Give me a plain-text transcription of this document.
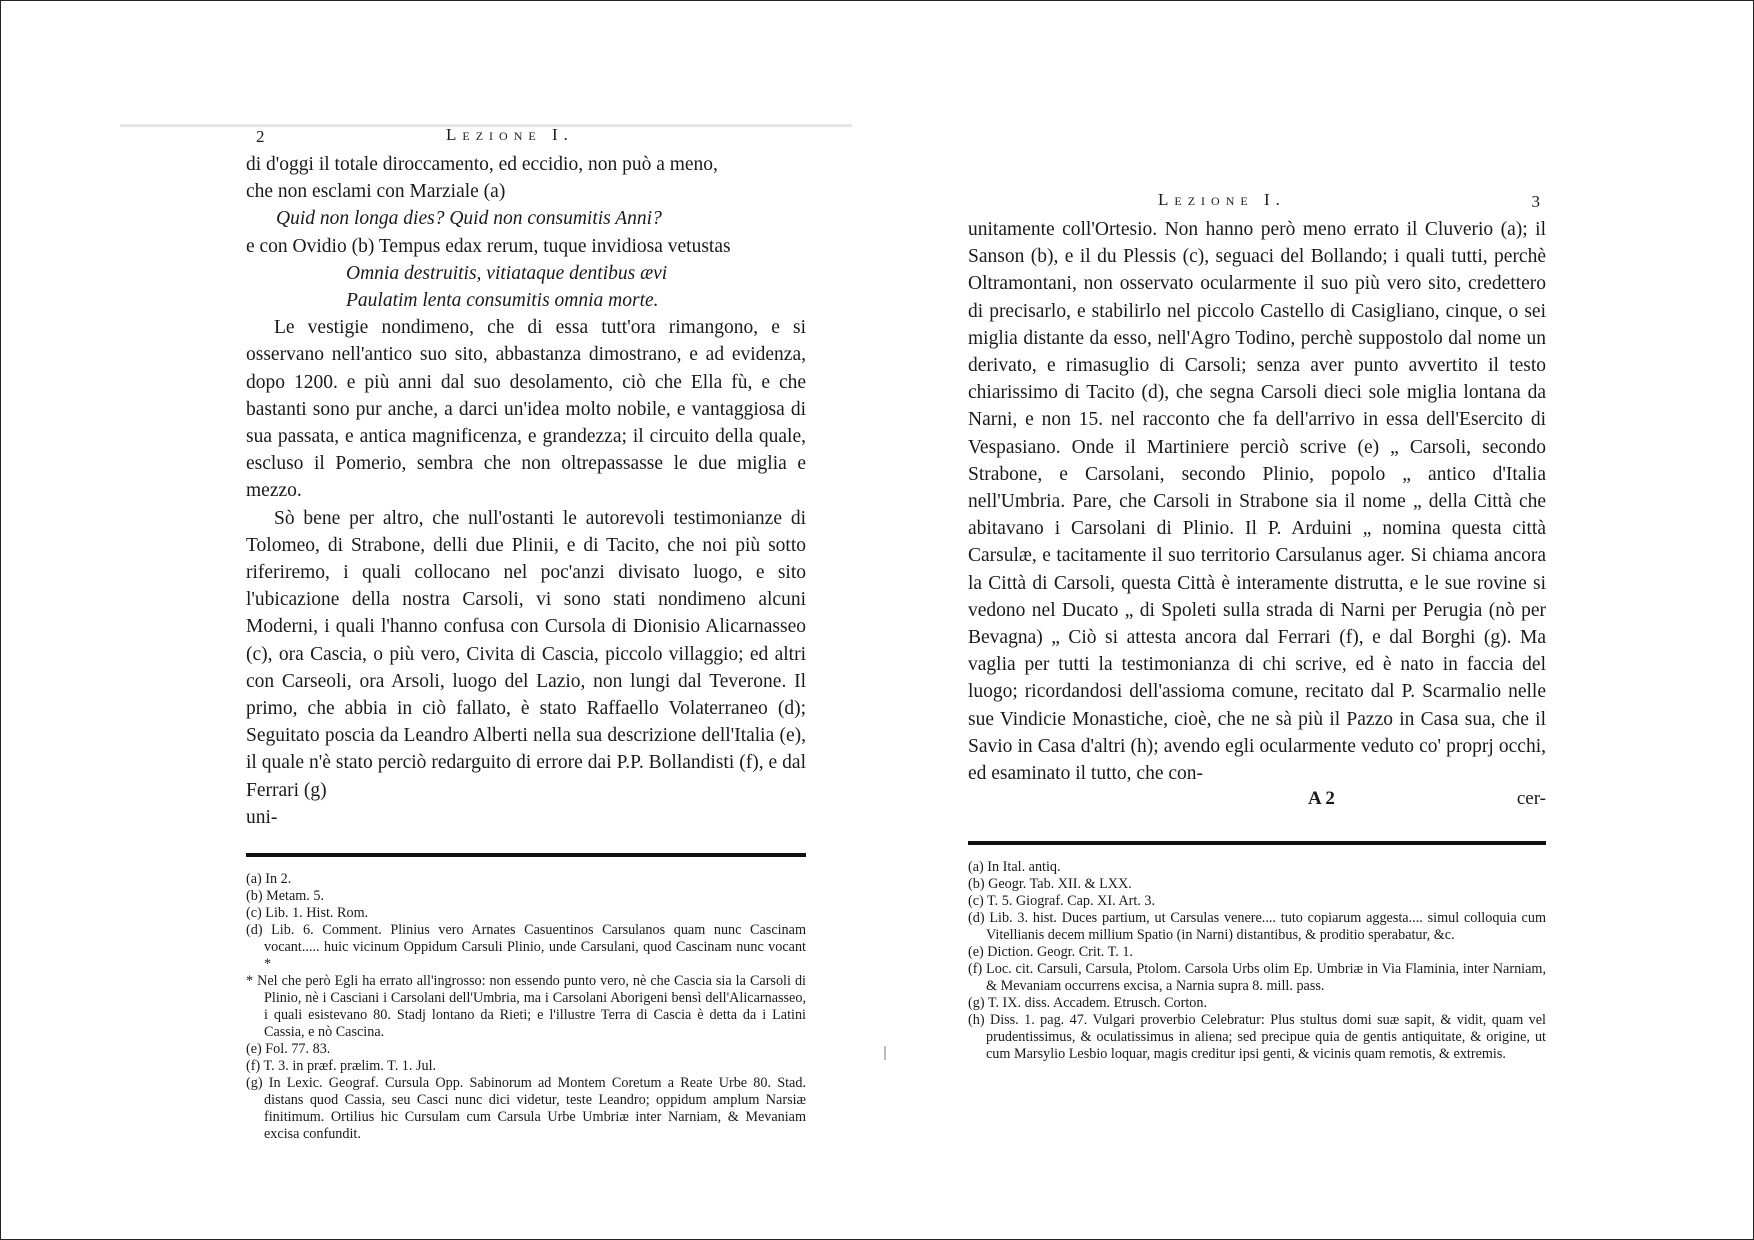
2	Lezione I.

di d'oggi il totale diroccamento, ed eccidio, non può a meno,

che non esclami con Marziale (a)

Quid non longa dies? Quid non consumitis Anni?

e con Ovidio (b) Tempus edax rerum, tuque invidiosa vetustas

Omnia destruitis, vitiataque dentibus ævi

Paulatim lenta consumitis omnia morte.

Le vestigie nondimeno, che di essa tutt'ora rimangono, e si osservano nell'antico suo sito, abbastanza dimostrano, e ad evidenza, dopo 1200. e più anni dal suo desolamento, ciò che Ella fù, e che bastanti sono pur anche, a darci un'idea molto nobile, e vantaggiosa di sua passata, e antica magnificenza, e grandezza; il circuito della quale, escluso il Pomerio, sembra che non oltrepassasse le due miglia e mezzo.

Sò bene per altro, che null'ostanti le autorevoli testimonianze di Tolomeo, di Strabone, delli due Plinii, e di Tacito, che noi più sotto riferiremo, i quali collocano nel poc'anzi divisato luogo, e sito l'ubicazione della nostra Carsoli, vi sono stati nondimeno alcuni Moderni, i quali l'hanno confusa con Cursola di Dionisio Alicarnasseo (c), ora Cascia, o più vero, Civita di Cascia, piccolo villaggio; ed altri con Carseoli, ora Arsoli, luogo del Lazio, non lungi dal Teverone. Il primo, che abbia in ciò fallato, è stato Raffaello Volaterraneo (d); Seguitato poscia da Leandro Alberti nella sua descrizione dell'Italia (e), il quale n'è stato perciò redarguito di errore dai P.P. Bollandisti (f), e dal Ferrari (g)

uni-

(a) In 2.

(b) Metam. 5.

(c) Lib. 1. Hist. Rom.

(d) Lib. 6. Comment. Plinius vero Arnates Casuentinos Carsulanos quam nunc Cascinam vocant..... huic vicinum Oppidum Carsuli Plinio, unde Carsulani, quod Cascinam nunc vocant *

* Nel che però Egli ha errato all'ingrosso: non essendo punto vero, nè che Cascia sia la Carsoli di Plinio, nè i Casciani i Carsolani dell'Umbria, ma i Carsolani Aborigeni bensì dell'Alicarnasseo, i quali esistevano 80. Stadj lontano da Rieti; e l'illustre Terra di Cascia è detta da i Latini Cassia, e nò Cascina.

(e) Fol. 77. 83.

(f) T. 3. in præf. prælim. T. 1. Jul.

(g) In Lexic. Geograf. Cursula Opp. Sabinorum ad Montem Coretum a Reate Urbe 80. Stad. distans quod Cassia, seu Casci nunc dici videtur, teste Leandro; oppidum amplum Narsiæ finitimum. Ortilius hic Cursulam cum Carsula Urbe Umbriæ inter Narniam, & Mevaniam excisa confundit.

Lezione I.	3

unitamente coll'Ortesio. Non hanno però meno errato il Cluverio (a); il Sanson (b), e il du Plessis (c), seguaci del Bollando; i quali tutti, perchè Oltramontani, non osservato ocularmente il suo più vero sito, credettero di precisarlo, e stabilirlo nel piccolo Castello di Casigliano, cinque, o sei miglia distante da esso, nell'Agro Todino, perchè suppostolo dal nome un derivato, e rimasuglio di Carsoli; senza aver punto avvertito il testo chiarissimo di Tacito (d), che segna Carsoli dieci sole miglia lontana da Narni, e non 15. nel racconto che fa dell'arrivo in essa dell'Esercito di Vespasiano. Onde il Martiniere perciò scrive (e) „ Carsoli, secondo Strabone, e Carsolani, secondo Plinio, popolo „ antico d'Italia nell'Umbria. Pare, che Carsoli in Strabone sia il nome „ della Città che abitavano i Carsolani di Plinio. Il P. Arduini „ nomina questa città Carsulæ, e tacitamente il suo territorio Carsulanus ager. Si chiama ancora la Città di Carsoli, questa Città è interamente distrutta, e le sue rovine si vedono nel Ducato „ di Spoleti sulla strada di Narni per Perugia (nò per Bevagna) „ Ciò si attesta ancora dal Ferrari (f), e dal Borghi (g). Ma vaglia per tutti la testimonianza di chi scrive, ed è nato in faccia del luogo; ricordandosi dell'assioma comune, recitato dal P. Scarmalio nelle sue Vindicie Monastiche, cioè, che ne sà più il Pazzo in Casa sua, che il Savio in Casa d'altri (h); avendo egli ocularmente veduto co' proprj occhi, ed esaminato il tutto, che con-

A 2	cer-

(a) In Ital. antiq.

(b) Geogr. Tab. XII. & LXX.

(c) T. 5. Giograf. Cap. XI. Art. 3.

(d) Lib. 3. hist. Duces partium, ut Carsulas venere.... tuto copiarum aggesta.... simul colloquia cum Vitellianis decem millium Spatio (in Narni) distantibus, & proditio sperabatur, &c.

(e) Diction. Geogr. Crit. T. 1.

(f) Loc. cit. Carsuli, Carsula, Ptolom. Carsola Urbs olim Ep. Umbriæ in Via Flaminia, inter Narniam, & Mevaniam occurrens excisa, a Narnia supra 8. mill. pass.

(g) T. IX. diss. Accadem. Etrusch. Corton.

(h) Diss. 1. pag. 47. Vulgari proverbio Celebratur: Plus stultus domi suæ sapit, & vidit, quam vel prudentissimus, & oculatissimus in aliena; sed precipue quia de gentis antiquitate, & origine, ut cum Marsylio Lesbio loquar, magis creditur ipsi genti, & vicinis quam remotis, & extremis.
